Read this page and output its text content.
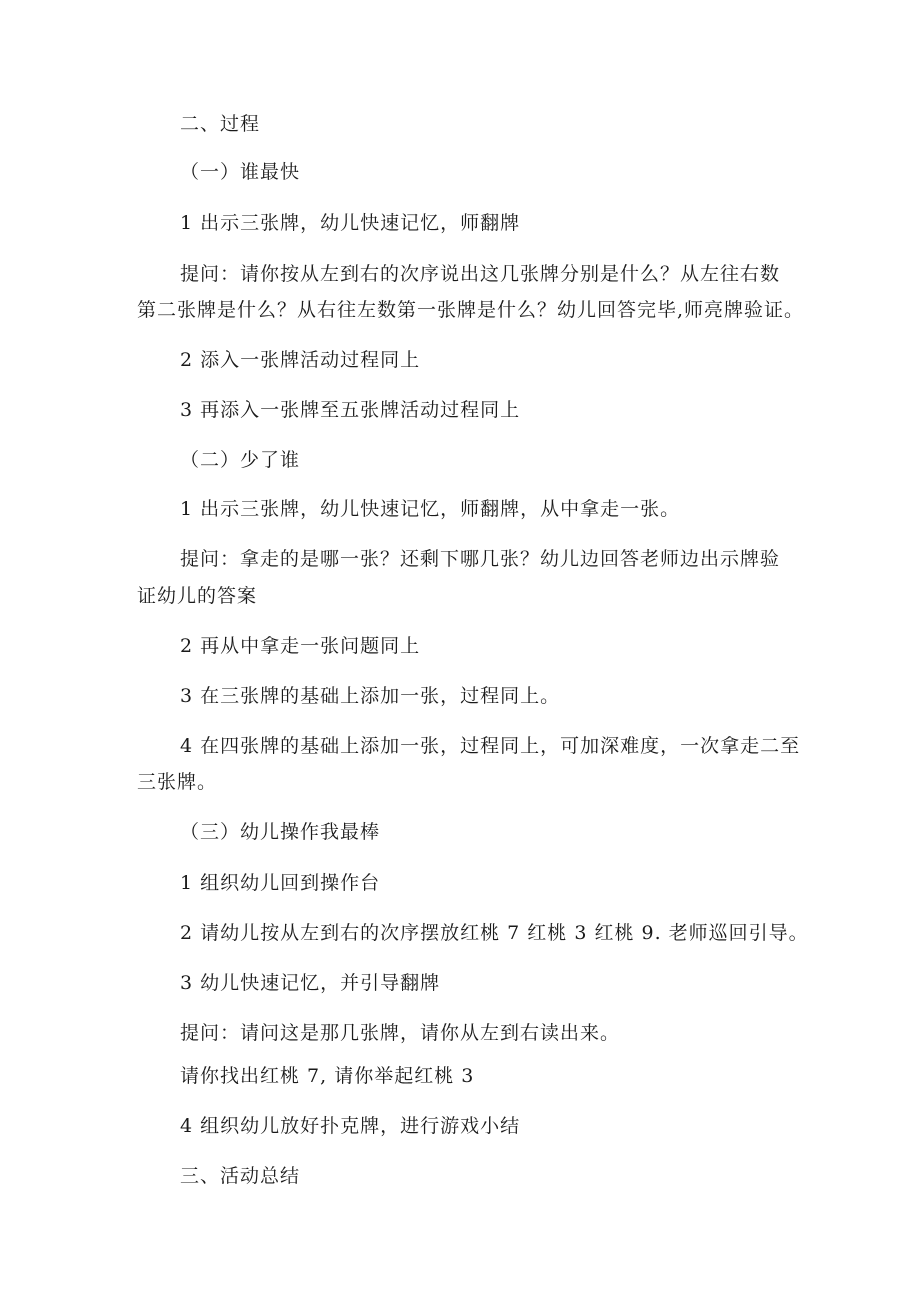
二、过程
（一）谁最快
1 出示三张牌，幼儿快速记忆，师翻牌
提问：请你按从左到右的次序说出这几张牌分别是什么？从左往右数
第二张牌是什么？从右往左数第一张牌是什么？幼儿回答完毕,师亮牌验证。
2 添入一张牌活动过程同上
3 再添入一张牌至五张牌活动过程同上
（二）少了谁
1 出示三张牌，幼儿快速记忆，师翻牌，从中拿走一张。
提问：拿走的是哪一张？还剩下哪几张？幼儿边回答老师边出示牌验
证幼儿的答案
2 再从中拿走一张问题同上
3 在三张牌的基础上添加一张，过程同上。
4 在四张牌的基础上添加一张，过程同上，可加深难度，一次拿走二至
三张牌。
（三）幼儿操作我最棒
1 组织幼儿回到操作台
2 请幼儿按从左到右的次序摆放红桃 7 红桃 3 红桃 9. 老师巡回引导。
3 幼儿快速记忆，并引导翻牌
提问：请问这是那几张牌，请你从左到右读出来。
请你找出红桃 7, 请你举起红桃 3
4 组织幼儿放好扑克牌，进行游戏小结
三、活动总结
